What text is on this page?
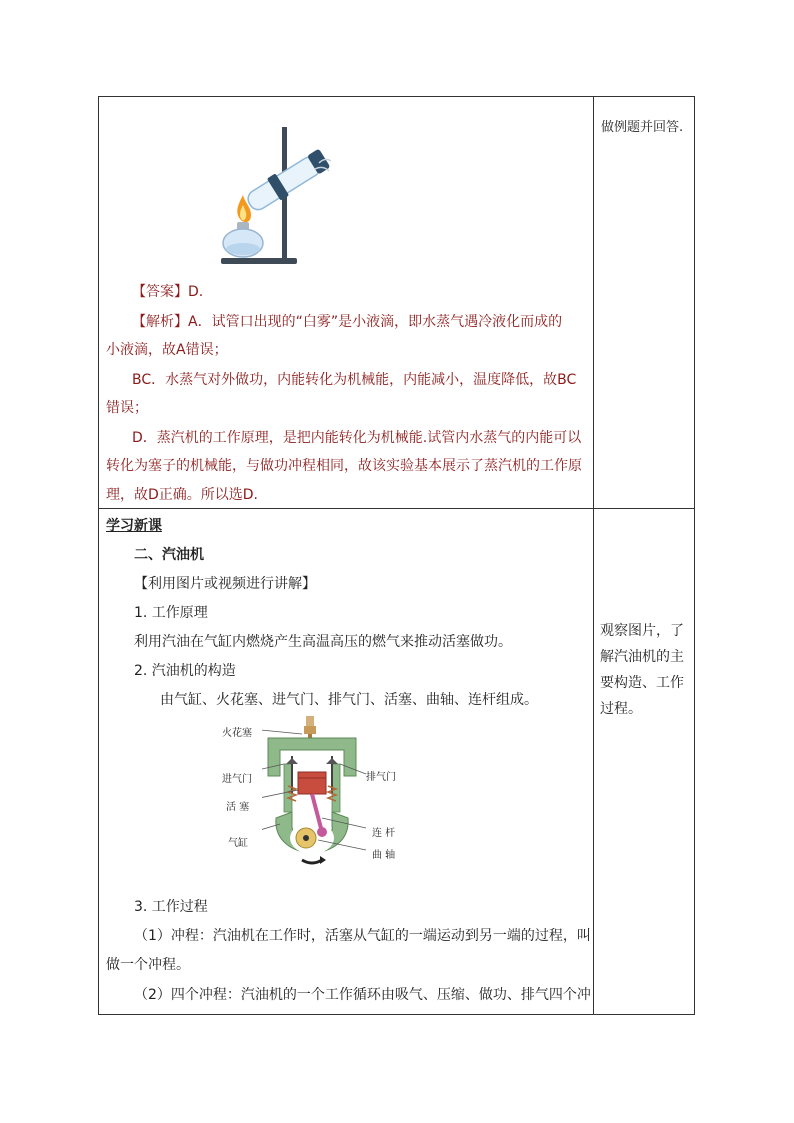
【答案】D.
【解析】A．试管口出现的“白雾”是小液滴，即水蒸气遇冷液化而成的
小液滴，故A错误；
BC．水蒸气对外做功，内能转化为机械能，内能减小，温度降低，故BC
错误；
D．蒸汽机的工作原理，是把内能转化为机械能.试管内水蒸气的内能可以
转化为塞子的机械能，与做功冲程相同，故该实验基本展示了蒸汽机的工作原
理，故D正确。所以选D.
做例题并回答.
学习新课
二、汽油机
【利用图片或视频进行讲解】
1. 工作原理
利用汽油在气缸内燃烧产生高温高压的燃气来推动活塞做功。
2. 汽油机的构造
由气缸、火花塞、进气门、排气门、活塞、曲轴、连杆组成。
火花塞
进气门	排气门
活 塞
连 杆
气缸
曲 轴
3. 工作过程
（1）冲程：汽油机在工作时，活塞从气缸的一端运动到另一端的过程，叫
做一个冲程。
（2）四个冲程：汽油机的一个工作循环由吸气、压缩、做功、排气四个冲
观察图片，了
解汽油机的主
要构造、工作
过程。
